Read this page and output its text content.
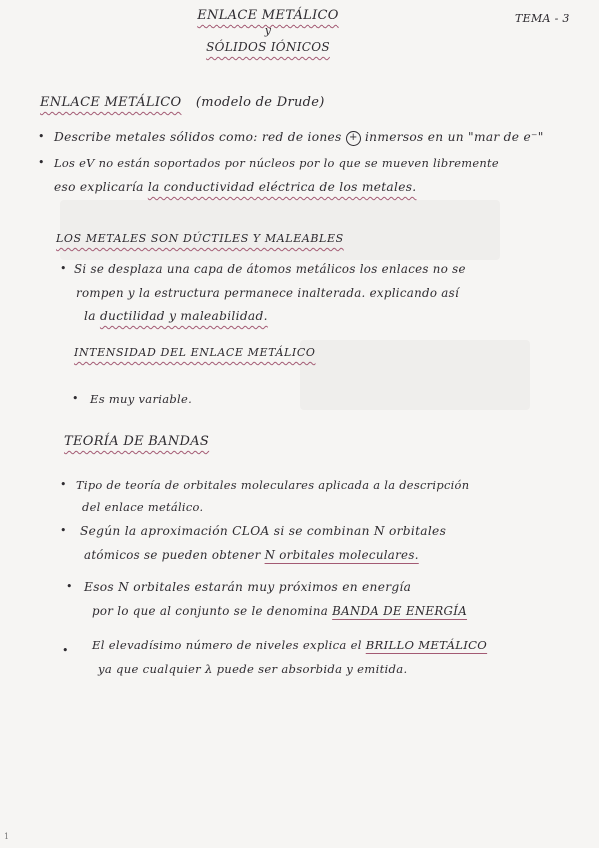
ENLACE METÁLICO
y
SÓLIDOS IÓNICOS
TEMA - 3
ENLACE METÁLICO (modelo de Drude)
• Describe metales sólidos como: red de iones + inmersos en un "mar de e⁻"
• Los eV no están soportados por núcleos por lo que se mueven libremente
eso explicaría la conductividad eléctrica de los metales.
LOS METALES SON DÚCTILES Y MALEABLES
• Si se desplaza una capa de átomos metálicos los enlaces no se
rompen y la estructura permanece inalterada. explicando así
la ductilidad y maleabilidad.
INTENSIDAD DEL ENLACE METÁLICO
• Es muy variable.
TEORÍA DE BANDAS
• Tipo de teoría de orbitales moleculares aplicada a la descripción
del enlace metálico.
• Según la aproximación CLOA si se combinan N orbitales
atómicos se pueden obtener N orbitales moleculares.
• Esos N orbitales estarán muy próximos en energía
por lo que al conjunto se le denomina BANDA DE ENERGÍA
• El elevadísimo número de niveles explica el BRILLO METÁLICO
ya que cualquier λ puede ser absorbida y emitida.
1
